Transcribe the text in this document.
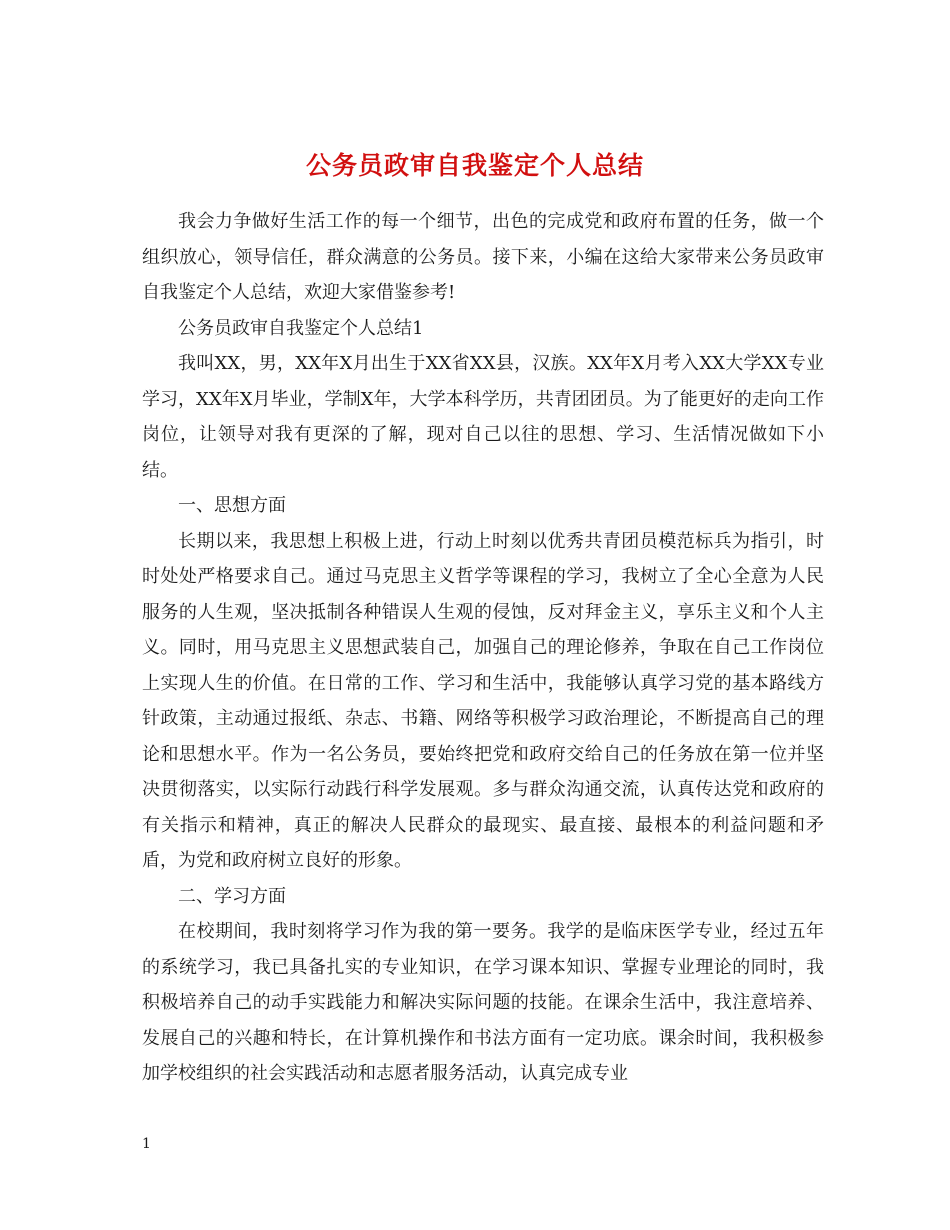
公务员政审自我鉴定个人总结

我会力争做好生活工作的每一个细节，出色的完成党和政府布置的任务，做一个组织放心，领导信任，群众满意的公务员。接下来，小编在这给大家带来公务员政审自我鉴定个人总结，欢迎大家借鉴参考!

公务员政审自我鉴定个人总结1

我叫XX，男，XX年X月出生于XX省XX县，汉族。XX年X月考入XX大学XX专业学习，XX年X月毕业，学制X年，大学本科学历，共青团团员。为了能更好的走向工作岗位，让领导对我有更深的了解，现对自己以往的思想、学习、生活情况做如下小结。

一、思想方面

长期以来，我思想上积极上进，行动上时刻以优秀共青团员模范标兵为指引，时时处处严格要求自己。通过马克思主义哲学等课程的学习，我树立了全心全意为人民服务的人生观，坚决抵制各种错误人生观的侵蚀，反对拜金主义，享乐主义和个人主义。同时，用马克思主义思想武装自己，加强自己的理论修养，争取在自己工作岗位上实现人生的价值。在日常的工作、学习和生活中，我能够认真学习党的基本路线方针政策，主动通过报纸、杂志、书籍、网络等积极学习政治理论，不断提高自己的理论和思想水平。作为一名公务员，要始终把党和政府交给自己的任务放在第一位并坚决贯彻落实，以实际行动践行科学发展观。多与群众沟通交流，认真传达党和政府的有关指示和精神，真正的解决人民群众的最现实、最直接、最根本的利益问题和矛盾，为党和政府树立良好的形象。

二、学习方面

在校期间，我时刻将学习作为我的第一要务。我学的是临床医学专业，经过五年的系统学习，我已具备扎实的专业知识，在学习课本知识、掌握专业理论的同时，我积极培养自己的动手实践能力和解决实际问题的技能。在课余生活中，我注意培养、发展自己的兴趣和特长，在计算机操作和书法方面有一定功底。课余时间，我积极参加学校组织的社会实践活动和志愿者服务活动，认真完成专业

1
